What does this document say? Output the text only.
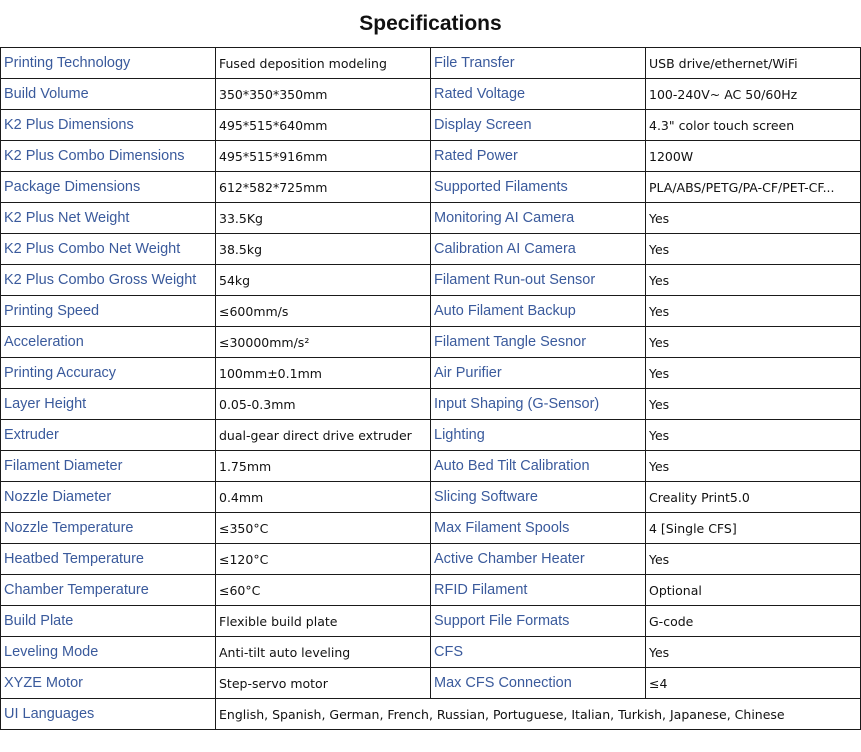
Specifications
Printing Technology	Fused deposition modeling	File Transfer	USB drive/ethernet/WiFi
Build Volume	350*350*350mm	Rated Voltage	100-240V~ AC 50/60Hz
K2 Plus Dimensions	495*515*640mm	Display Screen	4.3" color touch screen
K2 Plus Combo Dimensions	495*515*916mm	Rated Power	1200W
Package Dimensions	612*582*725mm	Supported Filaments	PLA/ABS/PETG/PA-CF/PET-CF...
K2 Plus Net Weight	33.5Kg	Monitoring AI Camera	Yes
K2 Plus Combo Net Weight	38.5kg	Calibration AI Camera	Yes
K2 Plus Combo Gross Weight	54kg	Filament Run-out Sensor	Yes
Printing Speed	≤600mm/s	Auto Filament Backup	Yes
Acceleration	≤30000mm/s²	Filament Tangle Sesnor	Yes
Printing Accuracy	100mm±0.1mm	Air Purifier	Yes
Layer Height	0.05-0.3mm	Input Shaping (G-Sensor)	Yes
Extruder	dual-gear direct drive extruder	Lighting	Yes
Filament Diameter	1.75mm	Auto Bed Tilt Calibration	Yes
Nozzle Diameter	0.4mm	Slicing Software	Creality Print5.0
Nozzle Temperature	≤350°C	Max Filament Spools	4 [Single CFS]
Heatbed Temperature	≤120°C	Active Chamber Heater	Yes
Chamber Temperature	≤60°C	RFID Filament	Optional
Build Plate	Flexible build plate	Support File Formats	G-code
Leveling Mode	Anti-tilt auto leveling	CFS	Yes
XYZE Motor	Step-servo motor	Max CFS Connection	≤4
UI Languages	English, Spanish, German, French, Russian, Portuguese, Italian, Turkish, Japanese, Chinese		
